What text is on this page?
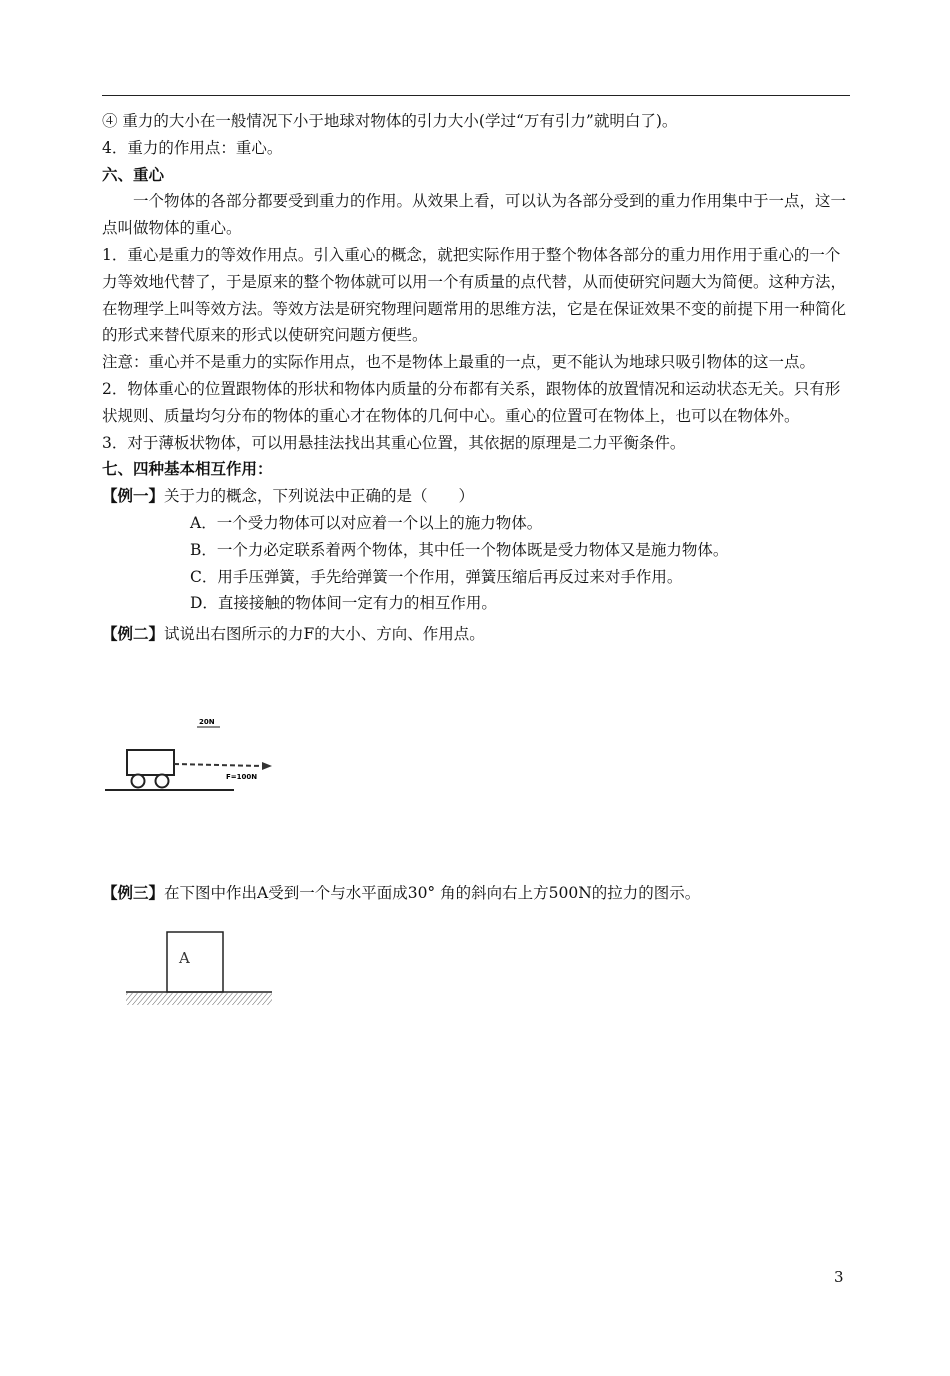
④ 重力的大小在一般情况下小于地球对物体的引力大小(学过“万有引力”就明白了)。

4．重力的作用点：重心。

六、重心

一个物体的各部分都要受到重力的作用。从效果上看，可以认为各部分受到的重力作用集中于一点，这一点叫做物体的重心。

1．重心是重力的等效作用点。引入重心的概念，就把实际作用于整个物体各部分的重力用作用于重心的一个力等效地代替了，于是原来的整个物体就可以用一个有质量的点代替，从而使研究问题大为简便。这种方法，在物理学上叫等效方法。等效方法是研究物理问题常用的思维方法，它是在保证效果不变的前提下用一种简化的形式来替代原来的形式以使研究问题方便些。

注意：重心并不是重力的实际作用点，也不是物体上最重的一点，更不能认为地球只吸引物体的这一点。

2．物体重心的位置跟物体的形状和物体内质量的分布都有关系，跟物体的放置情况和运动状态无关。只有形状规则、质量均匀分布的物体的重心才在物体的几何中心。重心的位置可在物体上，也可以在物体外。

3．对于薄板状物体，可以用悬挂法找出其重心位置，其依据的原理是二力平衡条件。

七、四种基本相互作用：

【例一】关于力的概念，下列说法中正确的是（　　）

A．一个受力物体可以对应着一个以上的施力物体。

B．一个力必定联系着两个物体，其中任一个物体既是受力物体又是施力物体。

C．用手压弹簧，手先给弹簧一个作用，弹簧压缩后再反过来对手作用。

D．直接接触的物体间一定有力的相互作用。

【例二】试说出右图所示的力F的大小、方向、作用点。

20N
F=100N

【例三】在下图中作出A受到一个与水平面成30° 角的斜向右上方500N的拉力的图示。

A
3
